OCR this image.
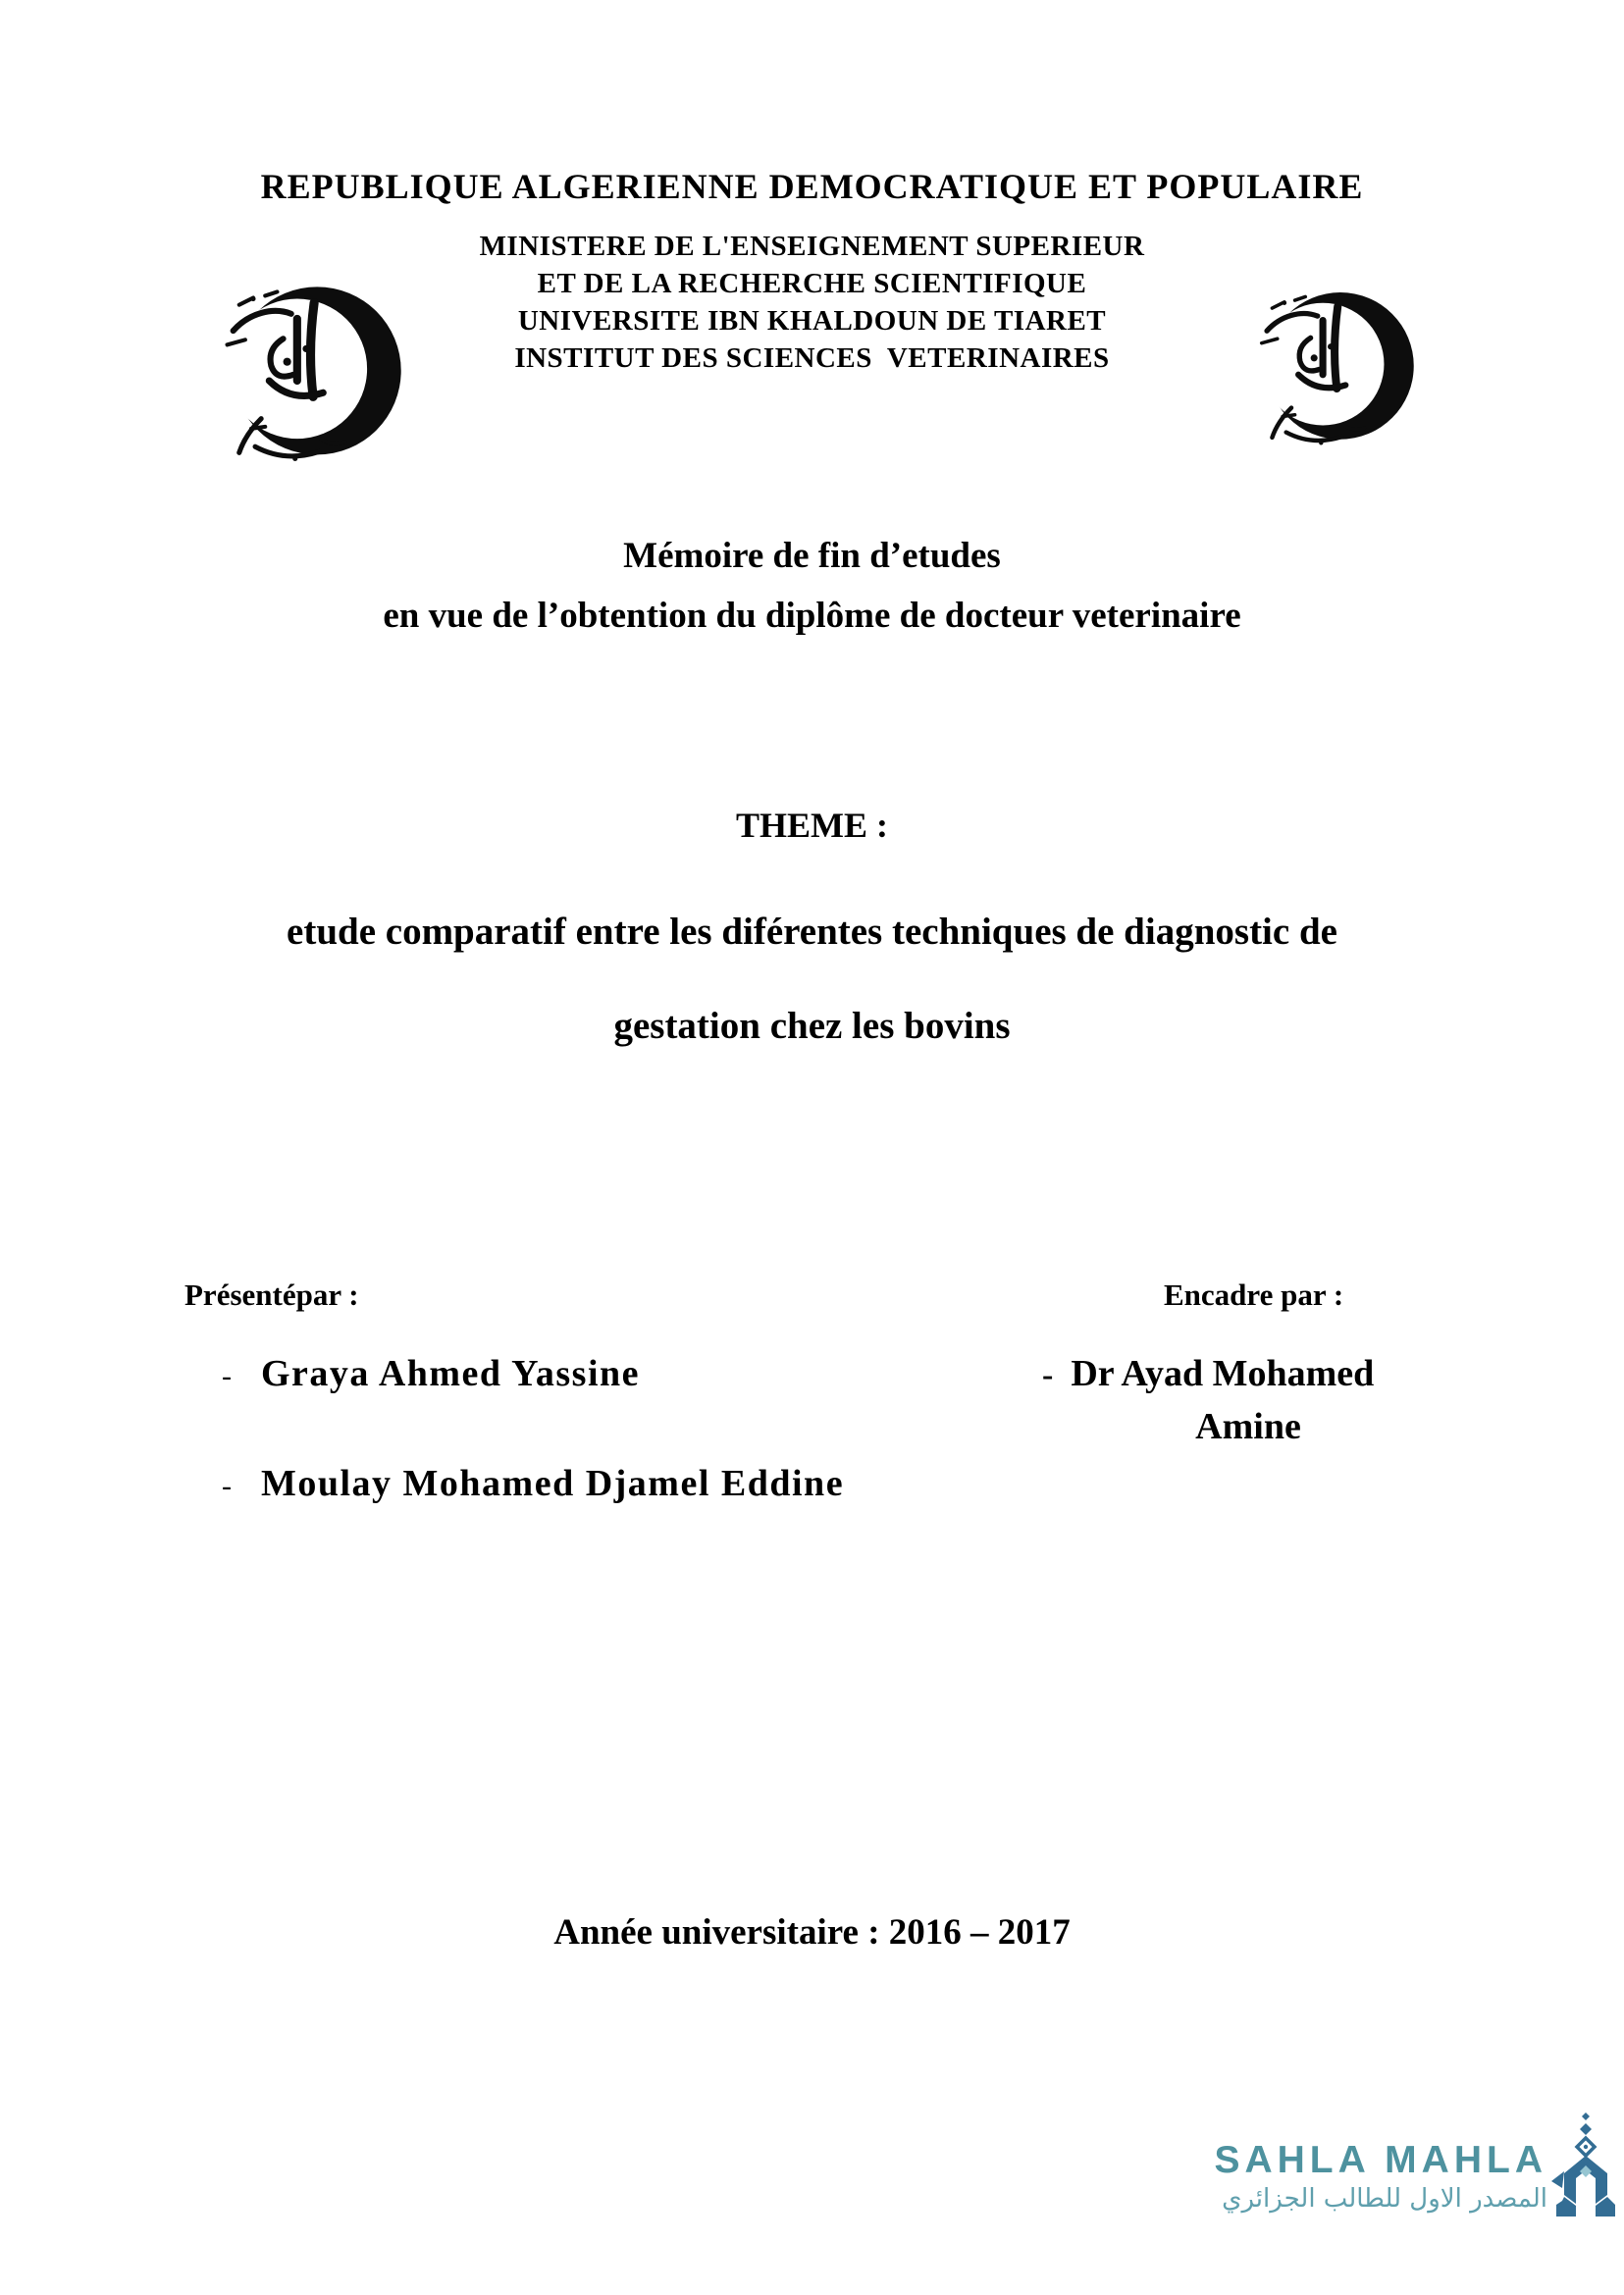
REPUBLIQUE ALGERIENNE DEMOCRATIQUE ET POPULAIRE
MINISTERE DE L'ENSEIGNEMENT SUPERIEUR
ET DE LA RECHERCHE SCIENTIFIQUE
UNIVERSITE IBN KHALDOUN DE TIARET
INSTITUT DES SCIENCES  VETERINAIRES
Mémoire de fin d’etudes
en vue de l’obtention du diplôme de docteur veterinaire
THEME :
etude comparatif entre les diférentes techniques de diagnostic de
gestation chez les bovins
Présentépar :	Encadre par :
- Graya Ahmed Yassine	- Dr Ayad Mohamed
Amine
- Moulay Mohamed Djamel Eddine
Année universitaire : 2016 – 2017
SAHLA MAHLA
المصدر الاول للطالب الجزائري
